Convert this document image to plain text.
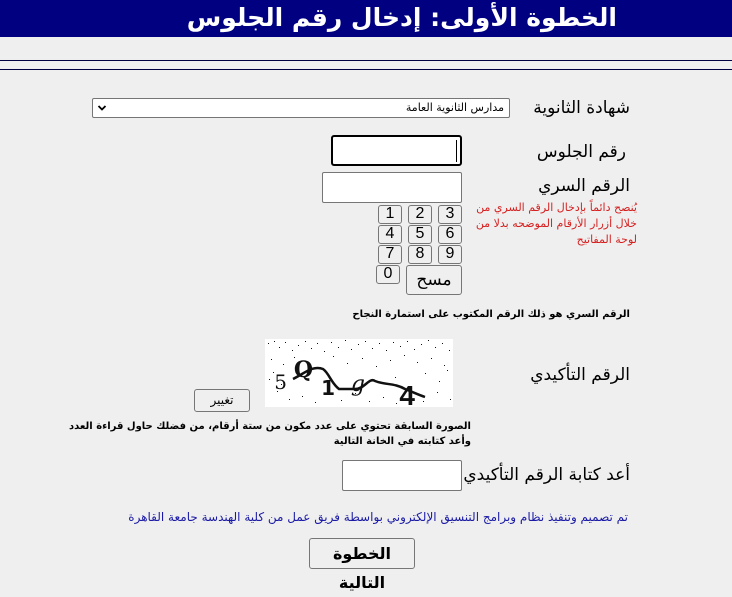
الخطوة الأولى: إدخال رقم الجلوس
شهادة الثانوية
مدارس الثانوية العامة
رقم الجلوس
الرقم السري
يُنصح دائماً بإدخال الرقم السري من خلال أزرار الأرقام الموضحه بدلا من لوحة المفاتيح
1	2	3
4	5	6
7	8	9
0	مسح
الرقم السري هو ذلك الرقم المكتوب على استمارة النجاح
الرقم التأكيدي
5 Q
1 g 4
تغيير
الصورة السابقة تحتوي على عدد مكون من ستة أرقام، من فضلك حاول قراءة العدد
وأعد كتابته في الخانة التالية
أعد كتابة الرقم التأكيدي
تم تصميم وتنفيذ نظام وبرامج التنسيق الإلكتروني بواسطة فريق عمل من كلية الهندسة جامعة القاهرة
الخطوة التالية
